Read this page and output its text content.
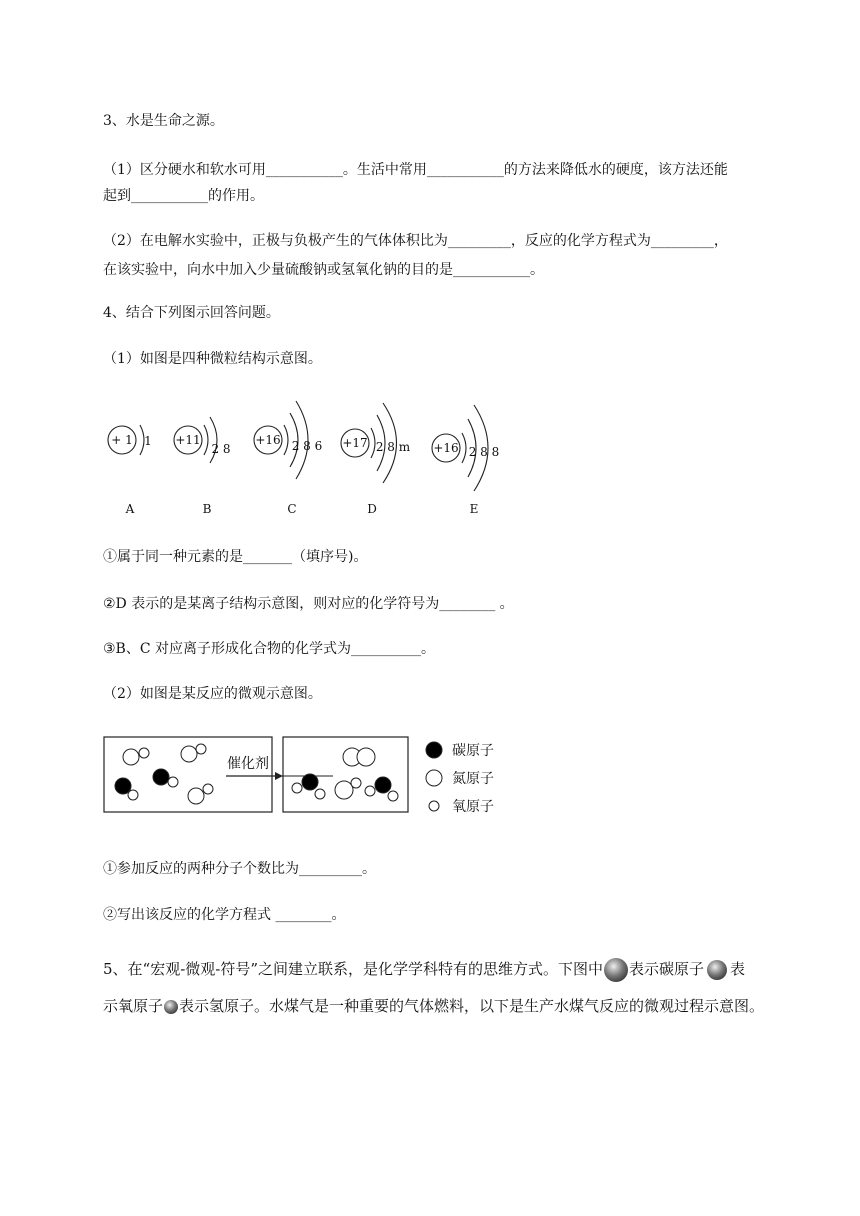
3、水是生命之源。
（1）区分硬水和软水可用___________。生活中常用___________的方法来降低水的硬度，该方法还能
起到___________的作用。
（2）在电解水实验中，正极与负极产生的气体体积比为_________，反应的化学方程式为_________，
在该实验中，向水中加入少量硫酸钠或氢氧化钠的目的是___________。
4、结合下列图示回答问题。
（1）如图是四种微粒结构示意图。
+ 1 1
A
+11
2 8
B
+16 2 8 6
C
+17 2 8 m
D
+16 2 8 8
E
①属于同一种元素的是_______（填序号)。
②D 表示的是某离子结构示意图，则对应的化学符号为________ 。
③B、C 对应离子形成化合物的化学式为__________。
（2）如图是某反应的微观示意图。
催化剂
碳原子
氮原子
氧原子
①参加反应的两种分子个数比为_________。
②写出该反应的化学方程式 ________。
5、在“宏观-微观-符号”之间建立联系，是化学学科特有的思维方式。下图中 表示碳原子 表
示氧原子 表示氢原子。水煤气是一种重要的气体燃料，以下是生产水煤气反应的微观过程示意图。
